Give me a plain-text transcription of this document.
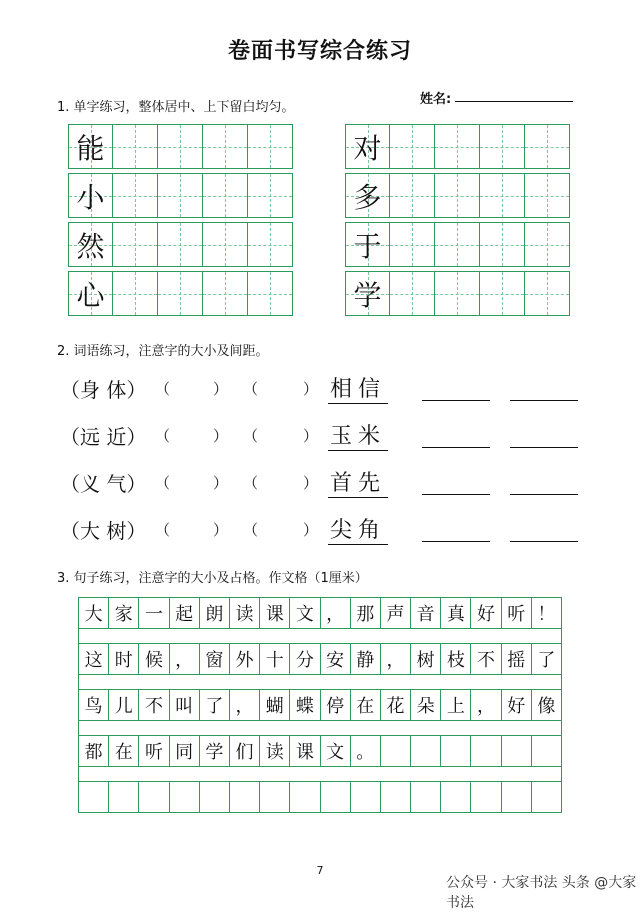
卷面书写综合练习
1. 单字练习，整体居中、上下留白均匀。
姓名:
能
小
然
心
对
多
于
学
2. 词语练习，注意字的大小及间距。
（身 体） （	） （	） 相信
（远 近） （	） （	） 玉米
（义 气） （	） （	） 首先
（大 树） （	） （	） 尖角
3. 句子练习，注意字的大小及占格。作文格（1厘米）
大 家 一 起 朗 读 课 文 ， 那 声 音 真 好 听 ！
这 时 候 ， 窗 外 十 分 安 静 ， 树 枝 不 摇 了
鸟 儿 不 叫 了 ， 蝴 蝶 停 在 花 朵 上 ， 好 像
都 在 听 同 学 们 读 课 文 。
7
公众号 · 大家书法 头条 @大家书法
